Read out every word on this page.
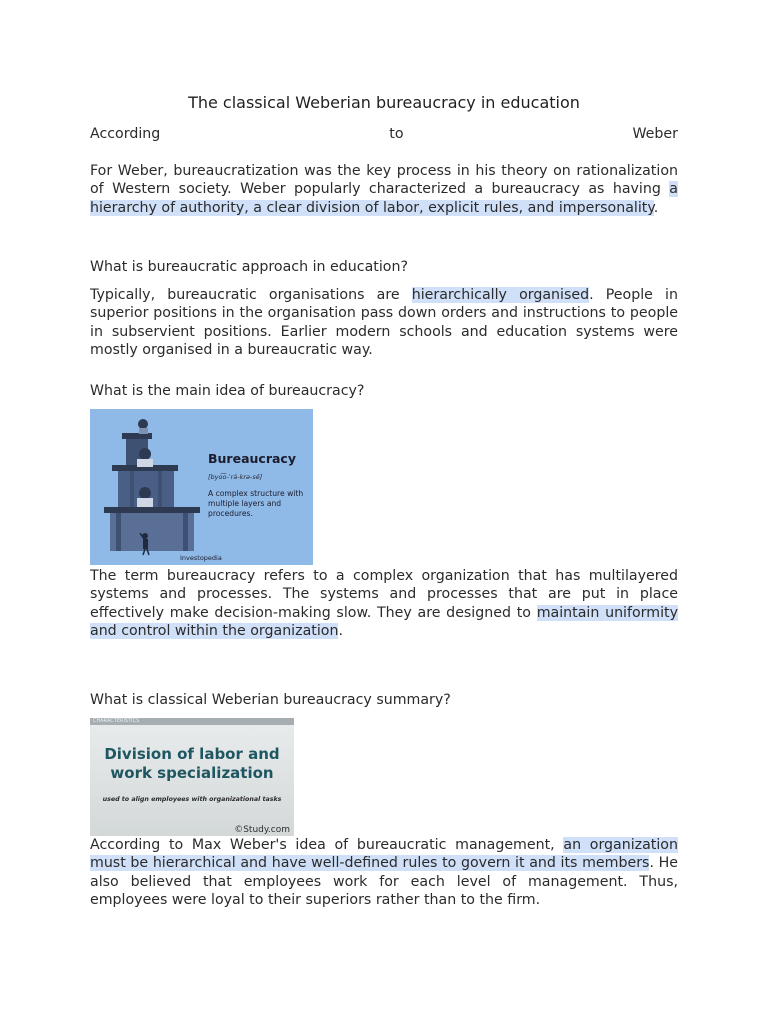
The classical Weberian bureaucracy in education
According	to	Weber

For Weber, bureaucratization was the key process in his theory on rationalization of Western society. Weber popularly characterized a bureaucracy as having a hierarchy of authority, a clear division of labor, explicit rules, and impersonality.

What is bureaucratic approach in education?

Typically, bureaucratic organisations are hierarchically organised. People in superior positions in the organisation pass down orders and instructions to people in subservient positions. Earlier modern schools and education systems were mostly organised in a bureaucratic way.

What is the main idea of bureaucracy?

Bureaucracy
[byo͞o-ˈrä-krə-sē]
A complex structure with multiple layers and procedures.
Investopedia

The term bureaucracy refers to a complex organization that has multilayered systems and processes. The systems and processes that are put in place effectively make decision-making slow. They are designed to maintain uniformity and control within the organization.

What is classical Weberian bureaucracy summary?

CHARACTERISTICS
Division of labor and
work specialization
used to align employees with organizational tasks
©Study.com

According to Max Weber's idea of bureaucratic management, an organization must be hierarchical and have well-defined rules to govern it and its members. He also believed that employees work for each level of management. Thus, employees were loyal to their superiors rather than to the firm.
